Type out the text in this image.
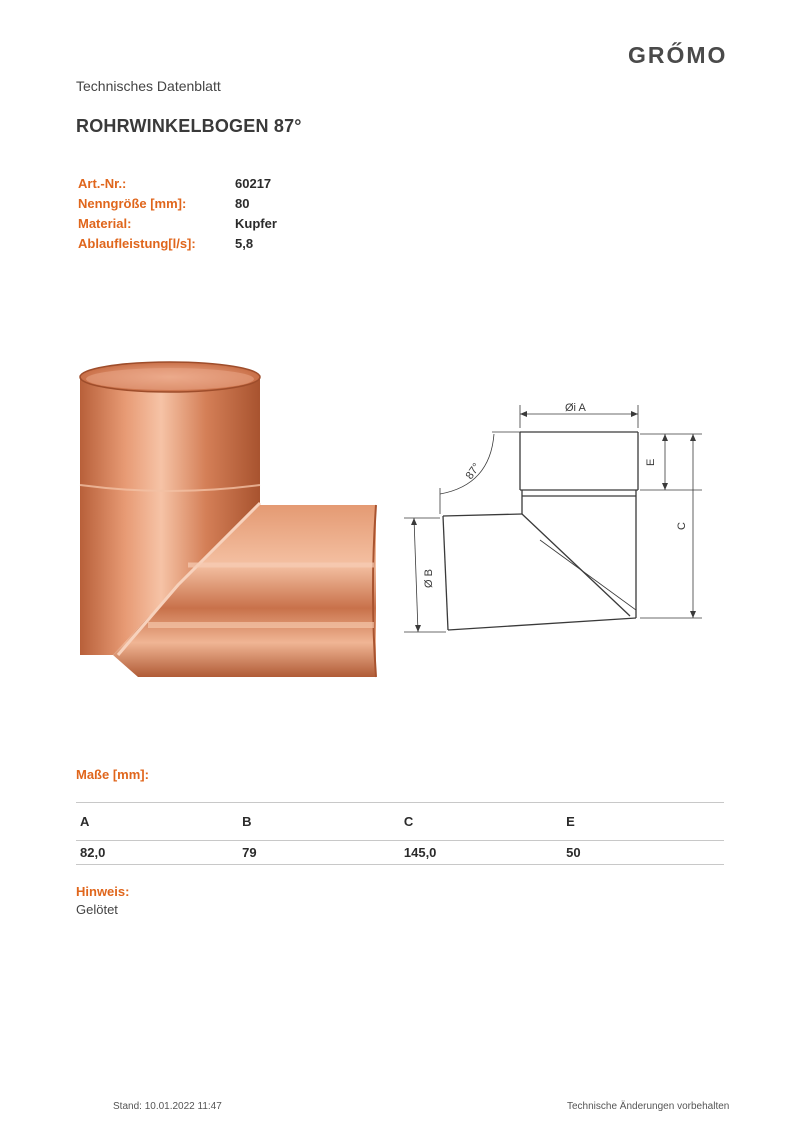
GRŐMO
Technisches Datenblatt
ROHRWINKELBOGEN 87°
Art.-Nr.:	60217
Nenngröße [mm]:	80
Material:	Kupfer
Ablaufleistung[l/s]:	5,8
Øi A
E
C
Ø B
87°
Maße [mm]:
A	B	C	E
82,0	79	145,0	50
Hinweis:
Gelötet
Stand: 10.01.2022 11:47	Technische Änderungen vorbehalten
